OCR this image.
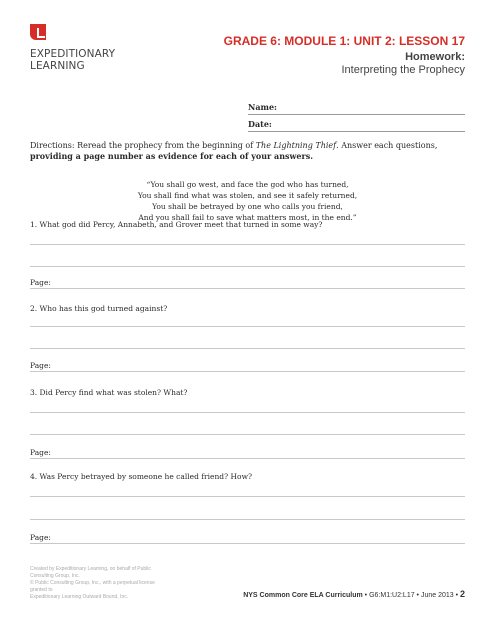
EXPEDITIONARY
LEARNING
GRADE 6: MODULE 1: UNIT 2: LESSON 17
Homework:
Interpreting the Prophecy
Name:
Date:
Directions: Reread the prophecy from the beginning of The Lightning Thief. Answer each questions, providing a page number as evidence for each of your answers.
“You shall go west, and face the god who has turned,
You shall find what was stolen, and see it safely returned,
You shall be betrayed by one who calls you friend,
And you shall fail to save what matters most, in the end.”
1. What god did Percy, Annabeth, and Grover meet that turned in some way?
Page:
2. Who has this god turned against?
Page:
3. Did Percy find what was stolen? What?
Page:
4. Was Percy betrayed by someone he called friend? How?
Page:
Created by Expeditionary Learning, on behalf of Public
Consulting Group, Inc.
© Public Consulting Group, Inc., with a perpetual license
granted to
Expeditionary Learning Outward Bound, Inc.	NYS Common Core ELA Curriculum • G6:M1:U2:L17 • June 2013 • 2
